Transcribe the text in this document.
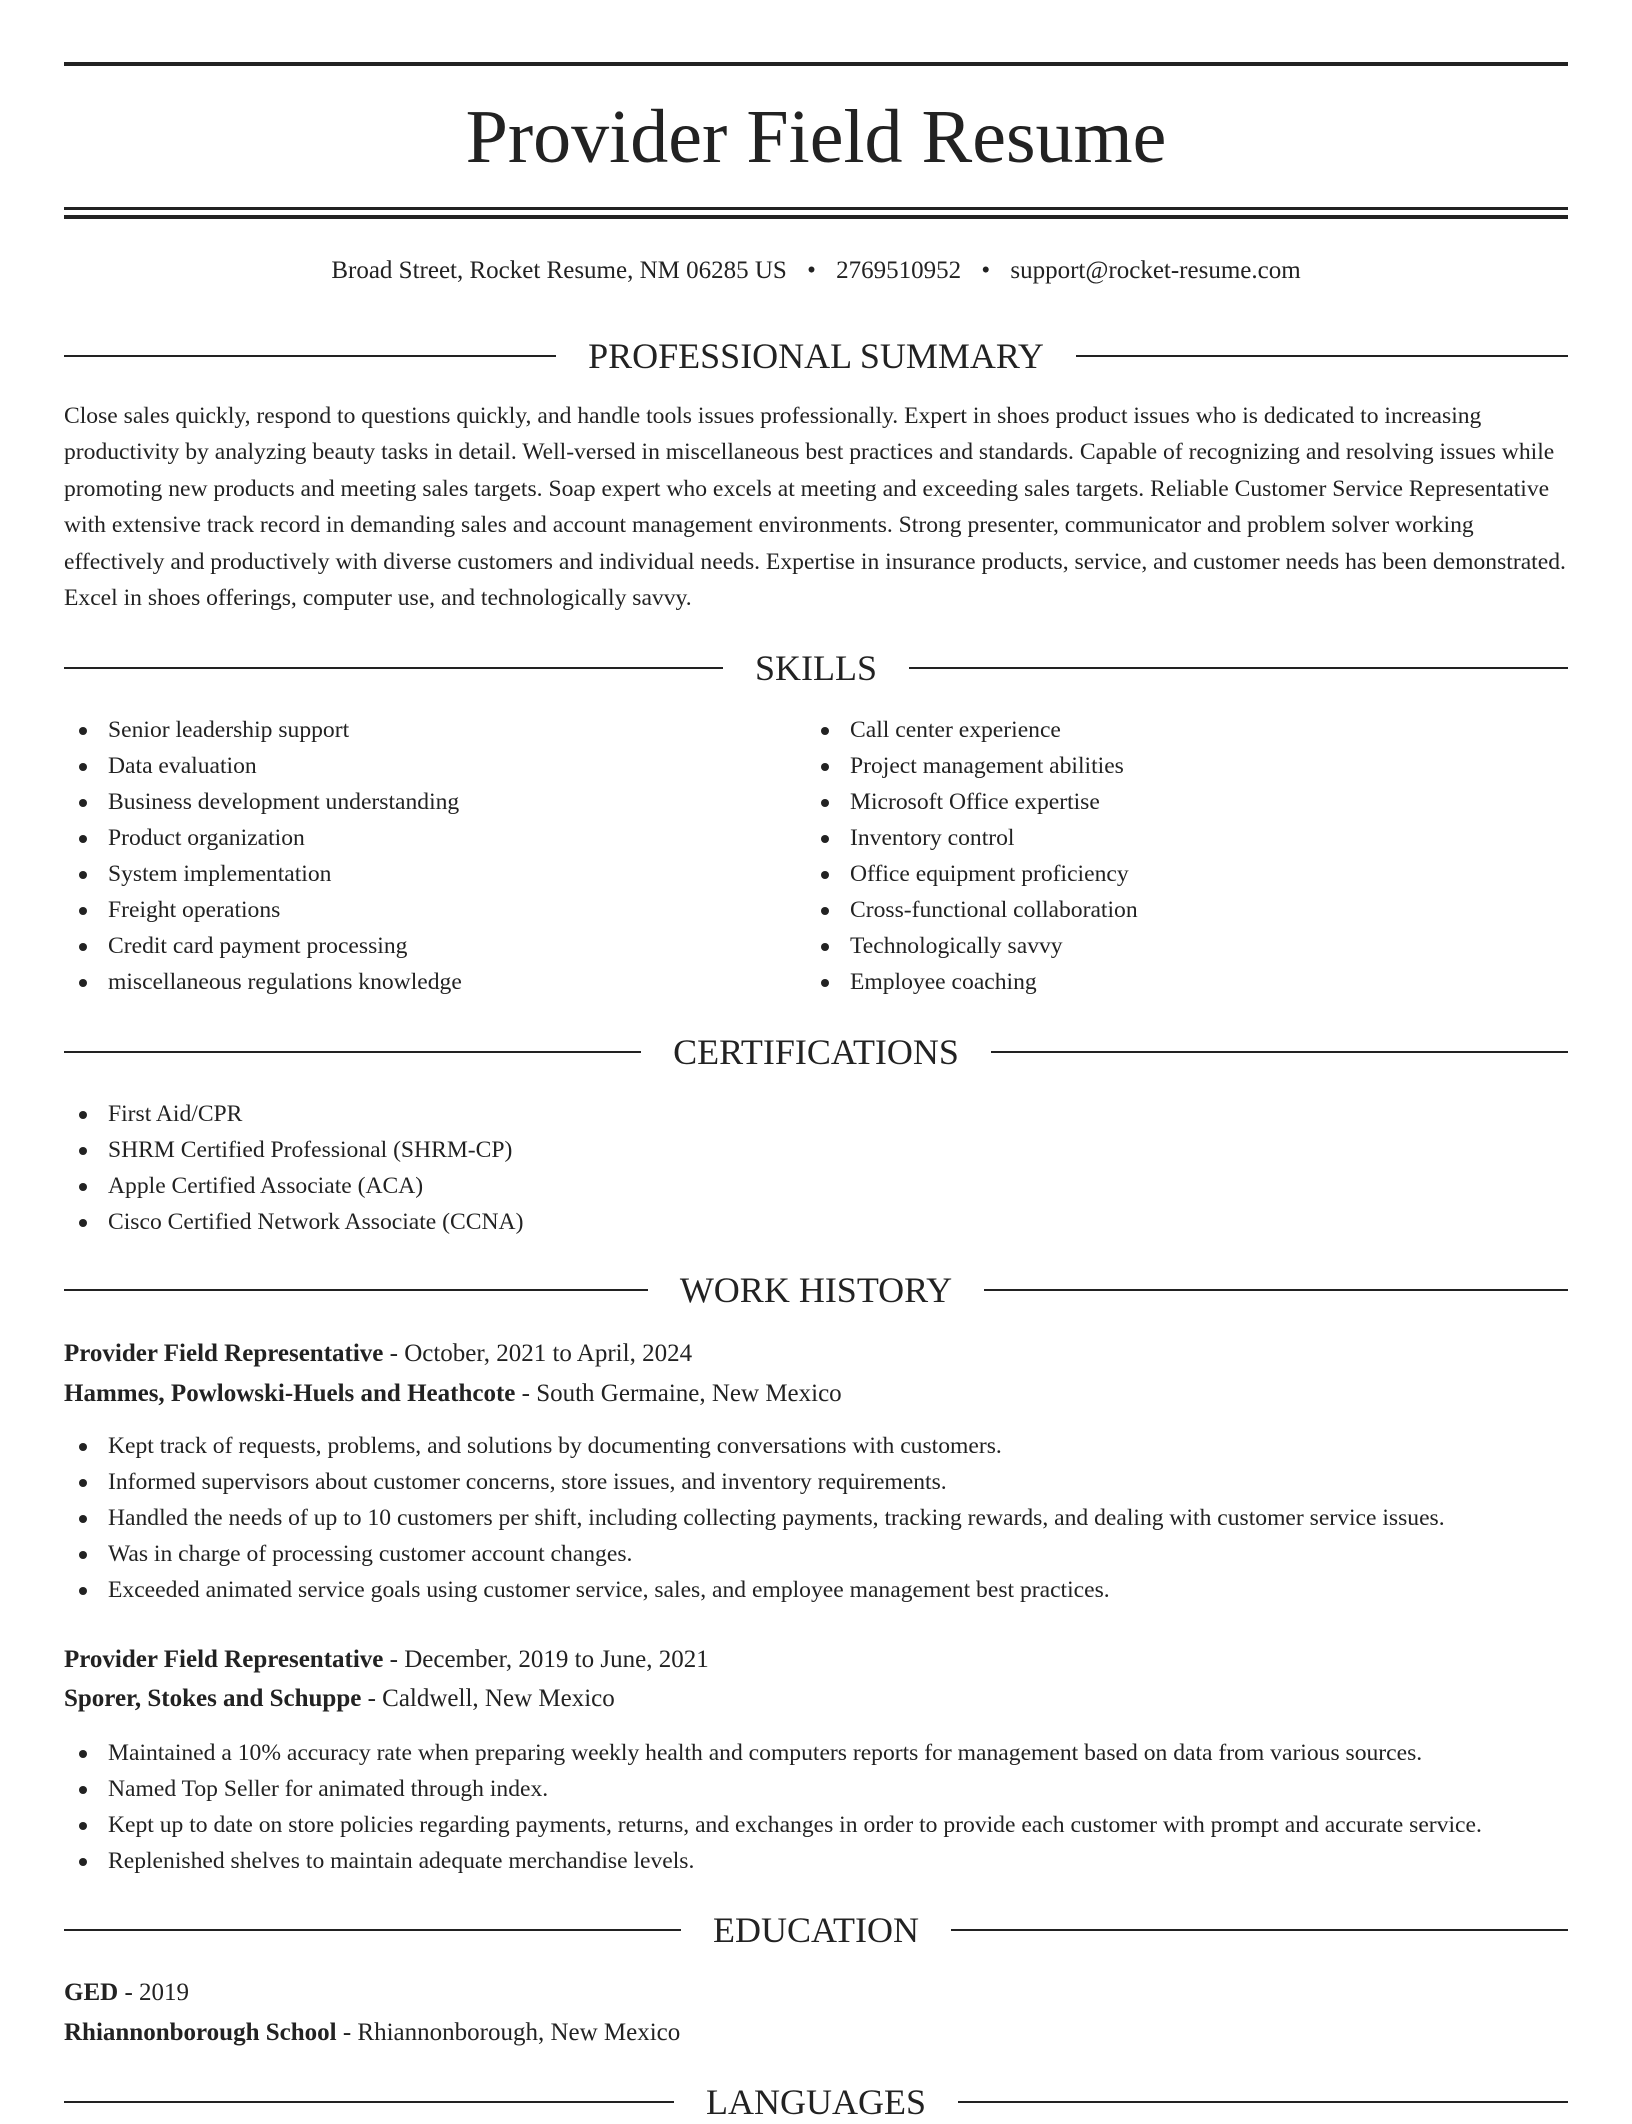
Provider Field Resume
Broad Street, Rocket Resume, NM 06285 US • 2769510952 • support@rocket-resume.com
PROFESSIONAL SUMMARY

Close sales quickly, respond to questions quickly, and handle tools issues professionally. Expert in shoes product issues who is dedicated to increasing productivity by analyzing beauty tasks in detail. Well-versed in miscellaneous best practices and standards. Capable of recognizing and resolving issues while promoting new products and meeting sales targets. Soap expert who excels at meeting and exceeding sales targets. Reliable Customer Service Representative with extensive track record in demanding sales and account management environments. Strong presenter, communicator and problem solver working effectively and productively with diverse customers and individual needs. Expertise in insurance products, service, and customer needs has been demonstrated. Excel in shoes offerings, computer use, and technologically savvy.

SKILLS
Senior leadership support
Data evaluation
Business development understanding
Product organization
System implementation
Freight operations
Credit card payment processing
miscellaneous regulations knowledge
Call center experience
Project management abilities
Microsoft Office expertise
Inventory control
Office equipment proficiency
Cross-functional collaboration
Technologically savvy
Employee coaching
CERTIFICATIONS
First Aid/CPR
SHRM Certified Professional (SHRM-CP)
Apple Certified Associate (ACA)
Cisco Certified Network Associate (CCNA)
WORK HISTORY
Provider Field Representative - October, 2021 to April, 2024
Hammes, Powlowski-Huels and Heathcote - South Germaine, New Mexico
Kept track of requests, problems, and solutions by documenting conversations with customers.
Informed supervisors about customer concerns, store issues, and inventory requirements.
Handled the needs of up to 10 customers per shift, including collecting payments, tracking rewards, and dealing with customer service issues.
Was in charge of processing customer account changes.
Exceeded animated service goals using customer service, sales, and employee management best practices.
Provider Field Representative - December, 2019 to June, 2021
Sporer, Stokes and Schuppe - Caldwell, New Mexico
Maintained a 10% accuracy rate when preparing weekly health and computers reports for management based on data from various sources.
Named Top Seller for animated through index.
Kept up to date on store policies regarding payments, returns, and exchanges in order to provide each customer with prompt and accurate service.
Replenished shelves to maintain adequate merchandise levels.
EDUCATION
GED - 2019
Rhiannonborough School - Rhiannonborough, New Mexico
LANGUAGES
